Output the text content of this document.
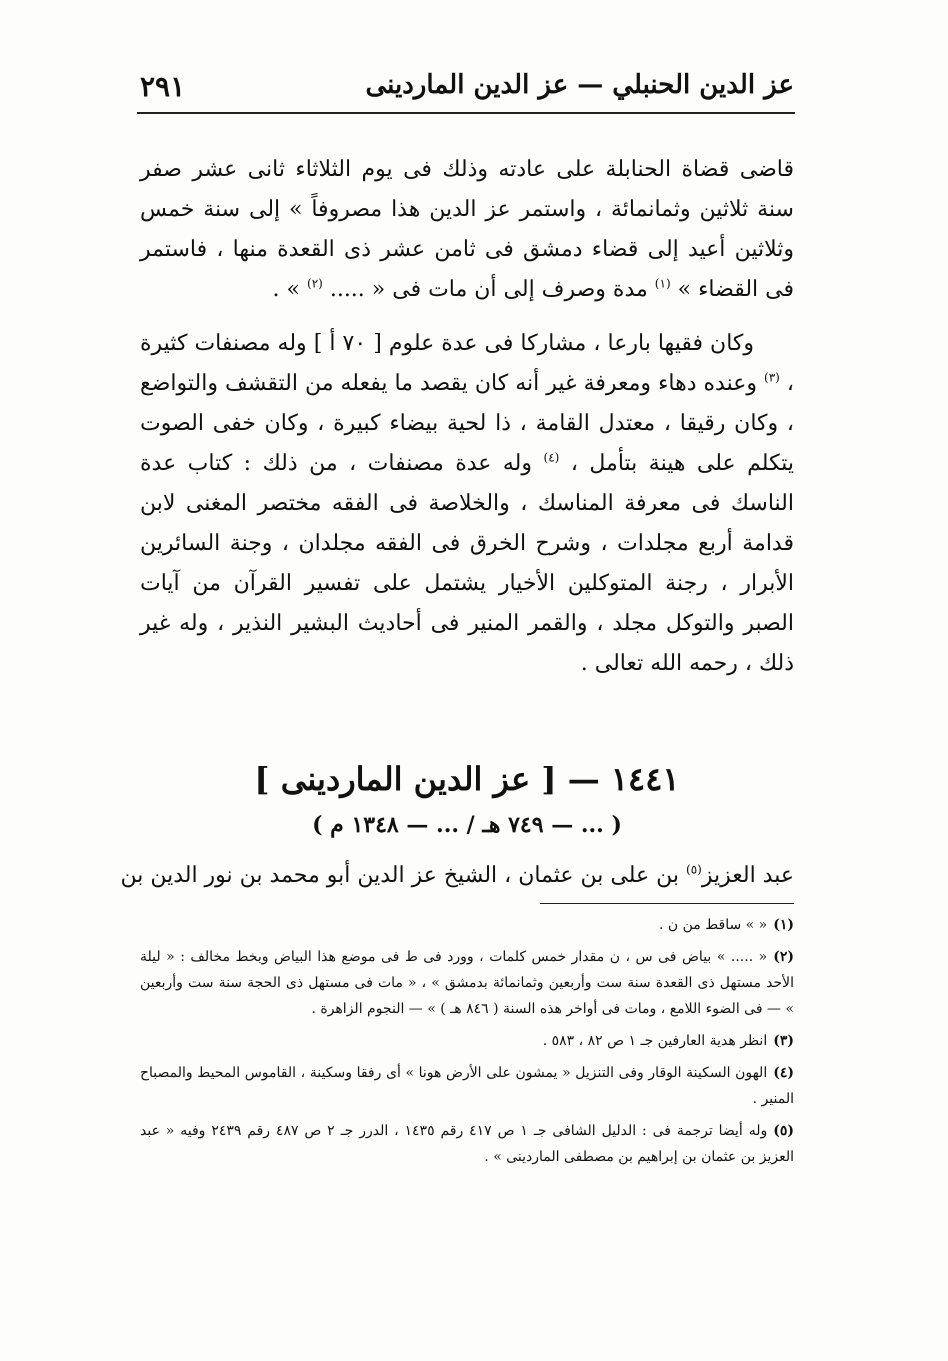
عز الدين الحنبلي — عز الدين الماردينى
٢٩١

قاضى قضاة الحنابلة على عادته وذلك فى يوم الثلاثاء ثانى عشر صفر سنة ثلاثين وثمانمائة ، واستمر عز الدين هذا مصروفاً » إلى سنة خمس وثلاثين أعيد إلى قضاء دمشق فى ثامن عشر ذى القعدة منها ، فاستمر فى القضاء » $^{(١)}$ مدة وصرف إلى أن مات فى « ..... $^{(٢)}$ » .

وكان فقيها بارعا ، مشاركا فى عدة علوم [ ٧٠ أ ] وله مصنفات كثيرة ، $^{(٣)}$ وعنده دهاء ومعرفة غير أنه كان يقصد ما يفعله من التقشف والتواضع ، وكان رقيقا ، معتدل القامة ، ذا لحية بيضاء كبيرة ، وكان خفى الصوت يتكلم على هينة بتأمل ، $^{(٤)}$ وله عدة مصنفات ، من ذلك : كتاب عدة الناسك فى معرفة المناسك ، والخلاصة فى الفقه مختصر المغنى لابن قدامة أربع مجلدات ، وشرح الخرق فى الفقه مجلدان ، وجنة السائرين الأبرار ، رجنة المتوكلين الأخيار يشتمل على تفسير القرآن من آيات الصبر والتوكل مجلد ، والقمر المنير فى أحاديث البشير النذير ، وله غير ذلك ، رحمه الله تعالى .

١٤٤١ — [ عز الدين الماردينى ]
( ... — ٧٤٩ هـ / ... — ١٣٤٨ م )
عبد العزيز$^{(٥)}$ بن على بن عثمان ، الشيخ عز الدين أبو محمد بن نور الدين بن

(١)« » ساقط من ن .

(٢)« ..... » بياض فى س ، ن مقدار خمس كلمات ، وورد فى ط فى موضع هذا البياض وبخط مخالف : « ليلة الأحد مستهل ذى القعدة سنة ست وأربعين وثمانمائة بدمشق » ، « مات فى مستهل ذى الحجة سنة ست وأربعين » — فى الضوء اللامع ، ومات فى أواخر هذه السنة ( ٨٤٦ هـ ) » — النجوم الزاهرة .

(٣)انظر هدية العارفين جـ ١ ص ٨٢ ، ٥٨٣ .

(٤)الهون السكينة الوقار وفى التنزيل « يمشون على الأرض هونا » أى رفقا وسكينة ، القاموس المحيط والمصباح المنير .

(٥)وله أيضا ترجمة فى : الدليل الشافى جـ ١ ص ٤١٧ رقم ١٤٣٥ ، الدرر جـ ٢ ص ٤٨٧ رقم ٢٤٣٩ وفيه « عبد العزيز بن عثمان بن إبراهيم بن مصطفى الماردينى » .
